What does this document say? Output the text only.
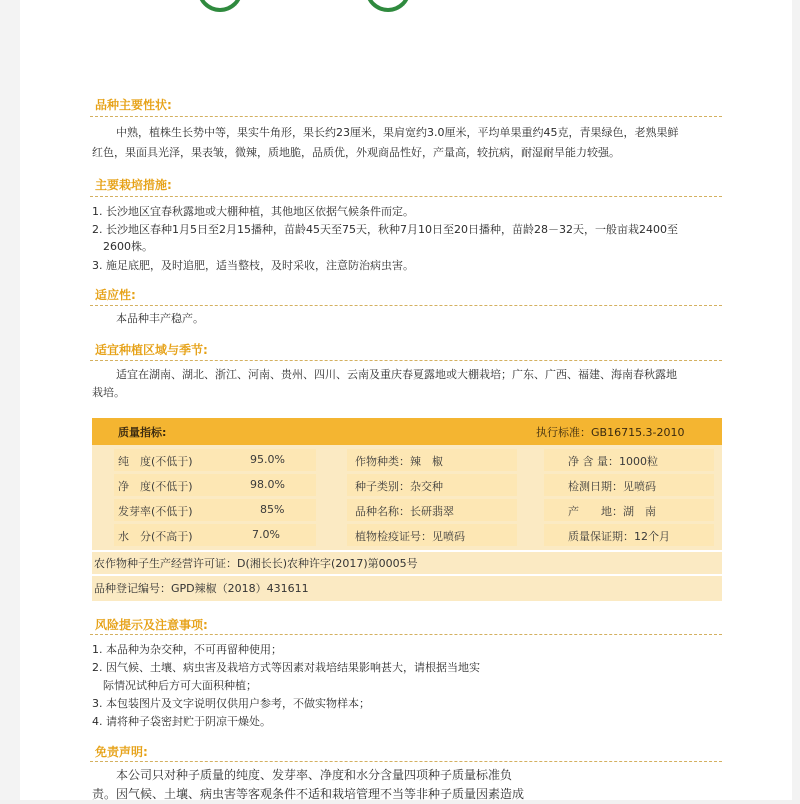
品种主要性状:
中熟，植株生长势中等，果实牛角形，果长约23厘米，果肩宽约3.0厘米，平均单果重约45克，青果绿色，老熟果鲜
红色，果面具光泽，果表皱，微辣，质地脆，品质优，外观商品性好，产量高，较抗病，耐湿耐旱能力较强。
主要栽培措施:
1. 长沙地区宜春秋露地或大棚种植，其他地区依据气候条件而定。
2. 长沙地区春种1月5日至2月15播种，苗龄45天至75天，秋种7月10日至20日播种，苗龄28－32天，一般亩栽2400至
2600株。
3. 施足底肥，及时追肥，适当整枝，及时采收，注意防治病虫害。
适应性:
本品种丰产稳产。
适宜种植区域与季节:
适宜在湖南、湖北、浙江、河南、贵州、四川、云南及重庆春夏露地或大棚栽培；广东、广西、福建、海南春秋露地
栽培。
质量指标:	执行标准：GB16715.3-2010
纯　度(不低于)	95.0%	作物种类：辣　椒	净 含 量：1000粒
净　度(不低于)	98.0%	种子类别：杂交种	检测日期：见喷码
发芽率(不低于)	85%	品种名称：长研翡翠	产　　地：湖　南
水　分(不高于)	7.0%	植物检疫证号：见喷码	质量保证期：12个月
农作物种子生产经营许可证：D(湘长长)农种许字(2017)第0005号
品种登记编号：GPD辣椒（2018）431611
风险提示及注意事项:
1. 本品种为杂交种，不可再留种使用；
2. 因气候、土壤、病虫害及栽培方式等因素对栽培结果影响甚大，请根据当地实
际情况试种后方可大面积种植；
3. 本包装图片及文字说明仅供用户参考，不做实物样本；
4. 请将种子袋密封贮于阴凉干燥处。
免责声明:
本公司只对种子质量的纯度、发芽率、净度和水分含量四项种子质量标准负
责。因气候、土壤、病虫害等客观条件不适和栽培管理不当等非种子质量因素造成
